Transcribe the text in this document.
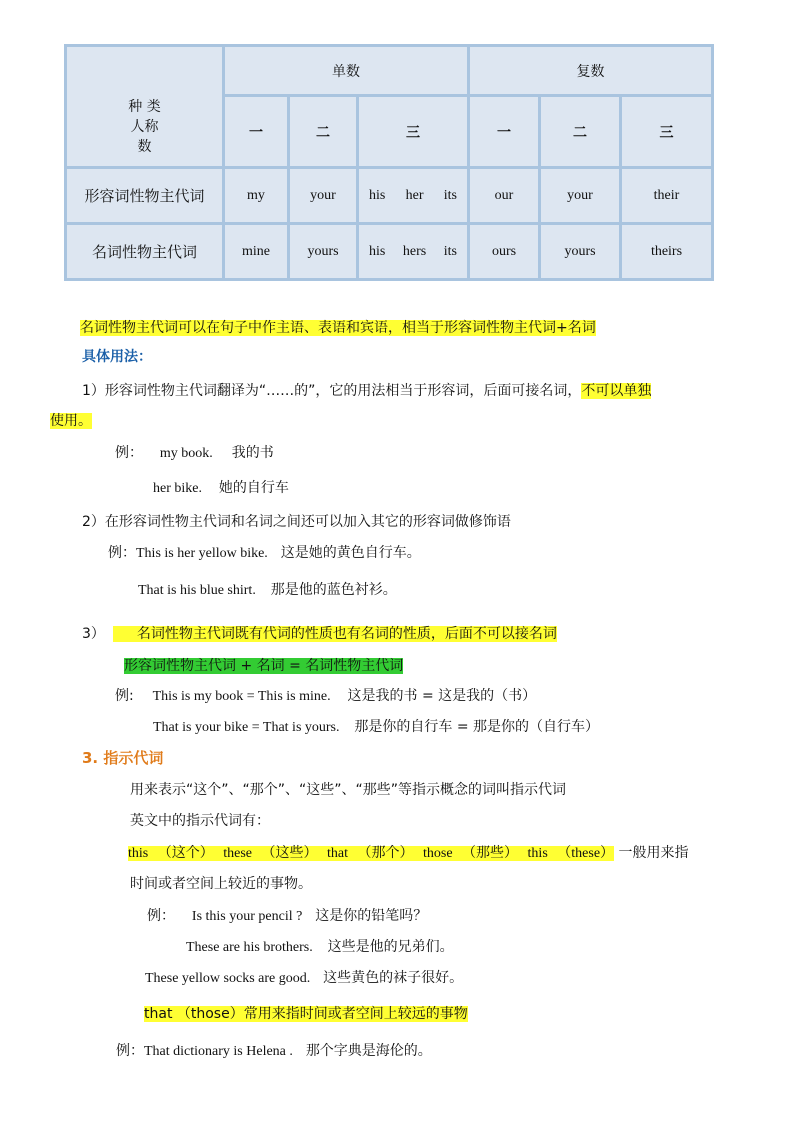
种 类
人称
数	单数			复数		
	一	二	三	一	二	三
形容词性物主代词	my	your	his her its	our	your	their
名词性物主代词	mine	yours	his hers its	ours	yours	theirs
名词性物主代词可以在句子中作主语、表语和宾语，相当于形容词性物主代词+名词
具体用法：
1）形容词性物主代词翻译为“……的”，它的用法相当于形容词，后面可接名词，不可以单独
使用。
例： my book. 我的书
her bike. 她的自行车
2）在形容词性物主代词和名词之间还可以加入其它的形容词做修饰语
例：This is her yellow bike. 这是她的黄色自行车。
That is his blue shirt. 那是他的蓝色衬衫。
3） 名词性物主代词既有代词的性质也有名词的性质，后面不可以接名词
形容词性物主代词 + 名词 = 名词性物主代词
例: This is my book = This is mine. 这是我的书 = 这是我的（书）
That is your bike = That is yours. 那是你的自行车 = 那是你的（自行车）
3. 指示代词
用来表示“这个”、“那个”、“这些”、“那些”等指示概念的词叫指示代词
英文中的指示代词有：
this （这个） these （这些） that （那个） those （那些） this （these） 一般用来指
时间或者空间上较近的事物。
例： Is this your pencil ? 这是你的铅笔吗？
These are his brothers. 这些是他的兄弟们。
These yellow socks are good. 这些黄色的袜子很好。
that （those）常用来指时间或者空间上较远的事物
例：That dictionary is Helena . 那个字典是海伦的。
